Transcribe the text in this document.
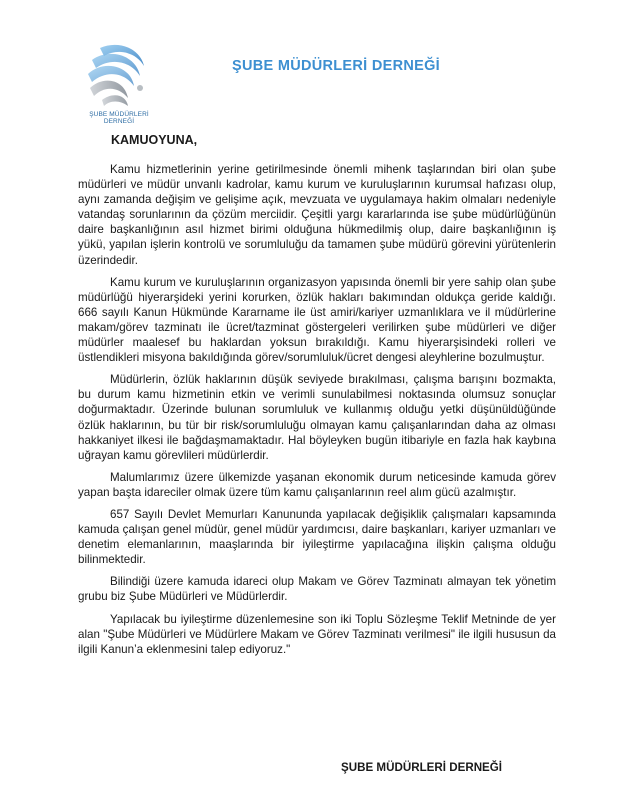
ŞUBE MÜDÜRLERİ DERNEĞİ
ŞUBE MÜDÜRLERİ DERNEĞİ
KAMUOYUNA,

Kamu hizmetlerinin yerine getirilmesinde önemli mihenk taşlarından biri olan şube müdürleri ve müdür unvanlı kadrolar, kamu kurum ve kuruluşlarının kurumsal hafızası olup, aynı zamanda değişim ve gelişime açık, mevzuata ve uygulamaya hakim olmaları nedeniyle vatandaş sorunlarının da çözüm merciidir. Çeşitli yargı kararlarında ise şube müdürlüğünün daire başkanlığının asıl hizmet birimi olduğuna hükmedilmiş olup, daire başkanlığının iş yükü, yapılan işlerin kontrolü ve sorumluluğu da tamamen şube müdürü görevini yürütenlerin üzerindedir.

Kamu kurum ve kuruluşlarının organizasyon yapısında önemli bir yere sahip olan şube müdürlüğü hiyerarşideki yerini korurken, özlük hakları bakımından oldukça geride kaldığı. 666 sayılı Kanun Hükmünde Kararname ile üst amiri/kariyer uzmanlıklara ve il müdürlerine makam/görev tazminatı ile ücret/tazminat göstergeleri verilirken şube müdürleri ve diğer müdürler maalesef bu haklardan yoksun bırakıldığı. Kamu hiyerarşisindeki rolleri ve üstlendikleri misyona bakıldığında görev/sorumluluk/ücret dengesi aleyhlerine bozulmuştur.

Müdürlerin, özlük haklarının düşük seviyede bırakılması, çalışma barışını bozmakta, bu durum kamu hizmetinin etkin ve verimli sunulabilmesi noktasında olumsuz sonuçlar doğurmaktadır. Üzerinde bulunan sorumluluk ve kullanmış olduğu yetki düşünüldüğünde özlük haklarının, bu tür bir risk/sorumluluğu olmayan kamu çalışanlarından daha az olması hakkaniyet ilkesi ile bağdaşmamaktadır. Hal böyleyken bugün itibariyle en fazla hak kaybına uğrayan kamu görevlileri müdürlerdir.

Malumlarımız üzere ülkemizde yaşanan ekonomik durum neticesinde kamuda görev yapan başta idareciler olmak üzere tüm kamu çalışanlarının reel alım gücü azalmıştır.

657 Sayılı Devlet Memurları Kanununda yapılacak değişiklik çalışmaları kapsamında kamuda çalışan genel müdür, genel müdür yardımcısı, daire başkanları, kariyer uzmanları ve denetim elemanlarının, maaşlarında bir iyileştirme yapılacağına ilişkin çalışma olduğu bilinmektedir.

Bilindiği üzere kamuda idareci olup Makam ve Görev Tazminatı almayan tek yönetim grubu biz Şube Müdürleri ve Müdürlerdir.

Yapılacak bu iyileştirme düzenlemesine son iki Toplu Sözleşme Teklif Metninde de yer alan "Şube Müdürleri ve Müdürlere Makam ve Görev Tazminatı verilmesi" ile ilgili hususun da ilgili Kanun’a eklenmesini talep ediyoruz."

ŞUBE MÜDÜRLERİ DERNEĞİ
